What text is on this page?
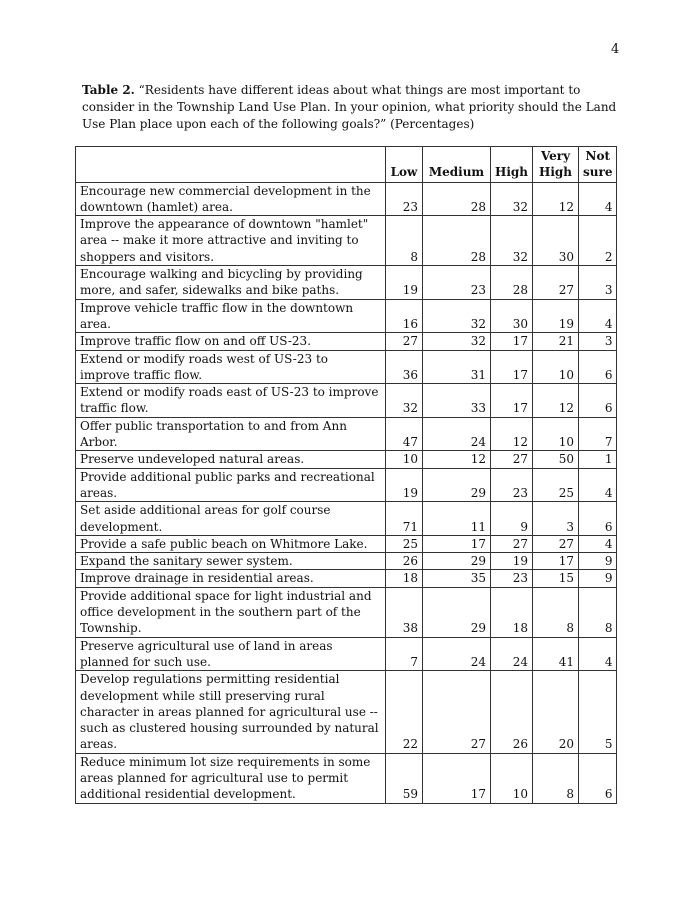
4
Table 2. “Residents have different ideas about what things are most important to consider in the Township Land Use Plan. In your opinion, what priority should the Land Use Plan place upon each of the following goals?” (Percentages)
	Low	Medium	High	Very High	Not sure
Encourage new commercial development in the downtown (hamlet) area.	23	28	32	12	4
Improve the appearance of downtown "hamlet" area -- make it more attractive and inviting to shoppers and visitors.	8	28	32	30	2
Encourage walking and bicycling by providing more, and safer, sidewalks and bike paths.	19	23	28	27	3
Improve vehicle traffic flow in the downtown area.	16	32	30	19	4
Improve traffic flow on and off US-23.	27	32	17	21	3
Extend or modify roads west of US-23 to improve traffic flow.	36	31	17	10	6
Extend or modify roads east of US-23 to improve traffic flow.	32	33	17	12	6
Offer public transportation to and from Ann Arbor.	47	24	12	10	7
Preserve undeveloped natural areas.	10	12	27	50	1
Provide additional public parks and recreational areas.	19	29	23	25	4
Set aside additional areas for golf course development.	71	11	9	3	6
Provide a safe public beach on Whitmore Lake.	25	17	27	27	4
Expand the sanitary sewer system.	26	29	19	17	9
Improve drainage in residential areas.	18	35	23	15	9
Provide additional space for light industrial and office development in the southern part of the Township.	38	29	18	8	8
Preserve agricultural use of land in areas planned for such use.	7	24	24	41	4
Develop regulations permitting residential development while still preserving rural character in areas planned for agricultural use -- such as clustered housing surrounded by natural areas.	22	27	26	20	5
Reduce minimum lot size requirements in some areas planned for agricultural use to permit additional residential development.	59	17	10	8	6
